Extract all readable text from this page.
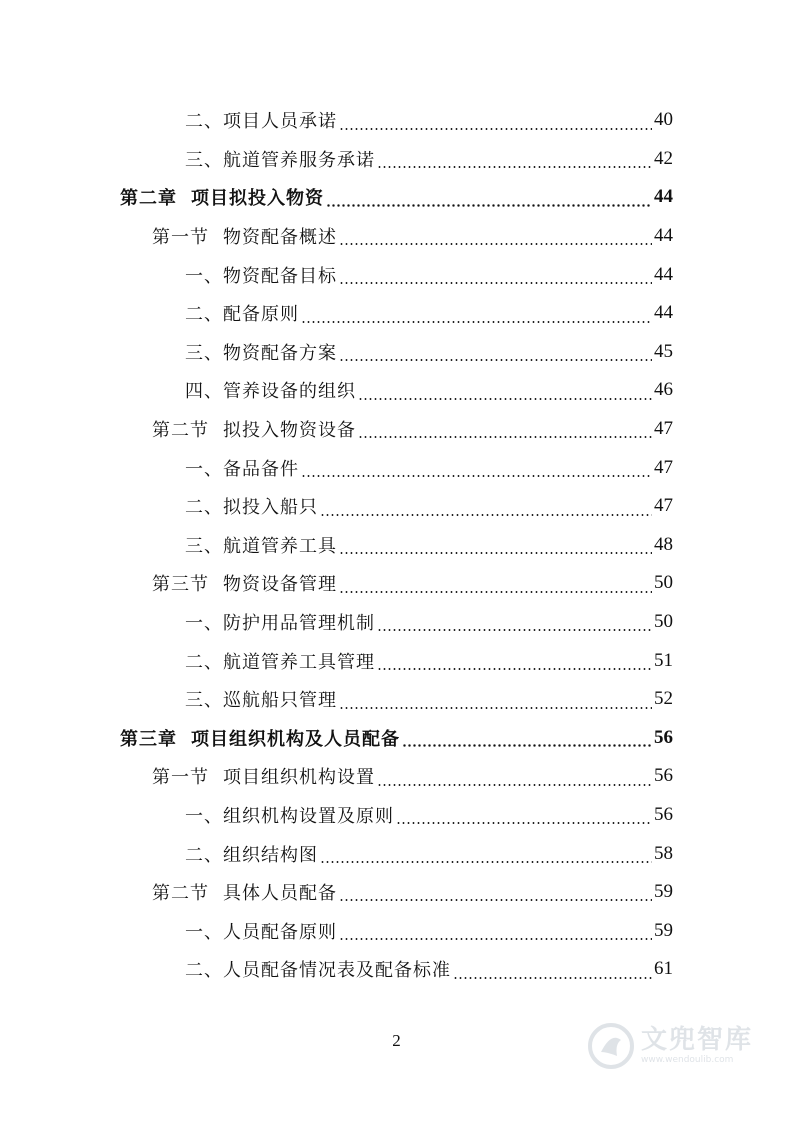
二、项目人员承诺	40
三、航道管养服务承诺	42
第二章 项目拟投入物资	44
第一节 物资配备概述	44
一、物资配备目标	44
二、配备原则	44
三、物资配备方案	45
四、管养设备的组织	46
第二节 拟投入物资设备	47
一、备品备件	47
二、拟投入船只	47
三、航道管养工具	48
第三节 物资设备管理	50
一、防护用品管理机制	50
二、航道管养工具管理	51
三、巡航船只管理	52
第三章 项目组织机构及人员配备	56
第一节 项目组织机构设置	56
一、组织机构设置及原则	56
二、组织结构图	58
第二节 具体人员配备	59
一、人员配备原则	59
二、人员配备情况表及配备标准	61
2	文兜智库
www.wendoulib.com
